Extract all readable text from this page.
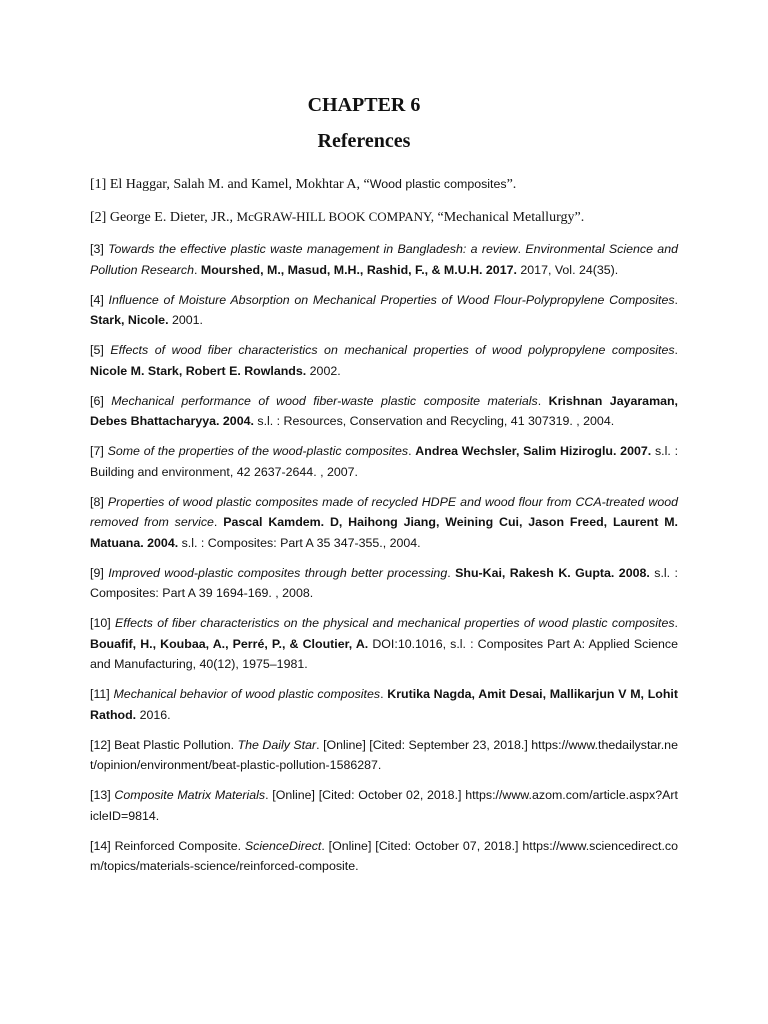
CHAPTER 6
References

[1] El Haggar, Salah M. and Kamel, Mokhtar A, “Wood plastic composites”.

[2] George E. Dieter, JR., McGRAW-HILL BOOK COMPANY, “Mechanical Metallurgy”.

[3] Towards the effective plastic waste management in Bangladesh: a review. Environmental Science and Pollution Research. Mourshed, M., Masud, M.H., Rashid, F., & M.U.H. 2017. 2017, Vol. 24(35).

[4] Influence of Moisture Absorption on Mechanical Properties of Wood Flour-Polypropylene Composites. Stark, Nicole. 2001.

[5] Effects of wood fiber characteristics on mechanical properties of wood polypropylene composites. Nicole M. Stark, Robert E. Rowlands. 2002.

[6] Mechanical performance of wood fiber-waste plastic composite materials. Krishnan Jayaraman, Debes Bhattacharyya. 2004. s.l. : Resources, Conservation and Recycling, 41 307319. , 2004.

[7] Some of the properties of the wood-plastic composites. Andrea Wechsler, Salim Hiziroglu. 2007. s.l. : Building and environment, 42 2637-2644. , 2007.

[8] Properties of wood plastic composites made of recycled HDPE and wood flour from CCA-treated wood removed from service. Pascal Kamdem. D, Haihong Jiang, Weining Cui, Jason Freed, Laurent M. Matuana. 2004. s.l. : Composites: Part A 35 347-355., 2004.

[9] Improved wood-plastic composites through better processing. Shu-Kai, Rakesh K. Gupta. 2008. s.l. : Composites: Part A 39 1694-169. , 2008.

[10] Effects of fiber characteristics on the physical and mechanical properties of wood plastic composites. Bouafif, H., Koubaa, A., Perré, P., & Cloutier, A. DOI:10.1016, s.l. : Composites Part A: Applied Science and Manufacturing, 40(12), 1975–1981.

[11] Mechanical behavior of wood plastic composites. Krutika Nagda, Amit Desai, Mallikarjun V M, Lohit Rathod. 2016.

[12] Beat Plastic Pollution. The Daily Star. [Online] [Cited: September 23, 2018.] https://www.thedailystar.net/opinion/environment/beat-plastic-pollution-1586287.

[13] Composite Matrix Materials. [Online] [Cited: October 02, 2018.] https://www.azom.com/article.aspx?ArticleID=9814.

[14] Reinforced Composite. ScienceDirect. [Online] [Cited: October 07, 2018.] https://www.sciencedirect.com/topics/materials-science/reinforced-composite.
